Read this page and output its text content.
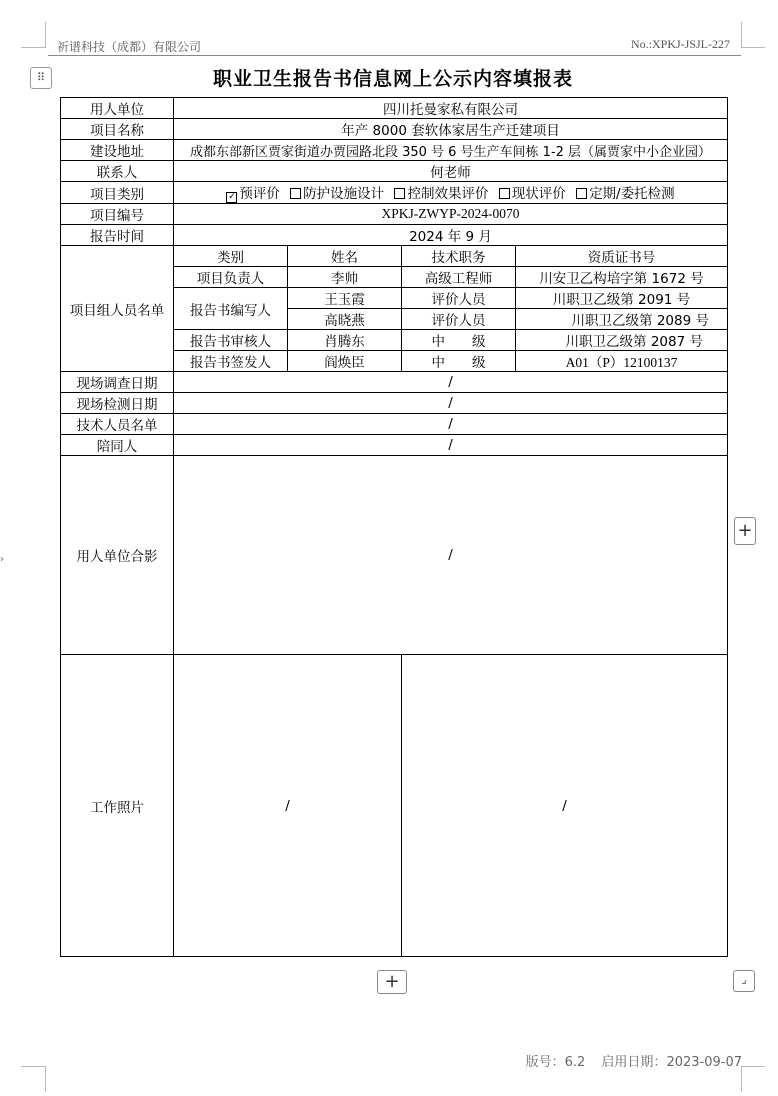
祈谱科技（成都）有限公司	No.:XPKJ-JSJL-227
⠿	职业卫生报告书信息网上公示内容填报表
›
用人单位	四川托曼家私有限公司			
项目名称	年产 8000 套软体家居生产迁建项目			
建设地址	成都东部新区贾家街道办贾园路北段 350 号 6 号生产车间栋 1-2 层（属贾家中小企业园）			
联系人	何老师			
项目类别	✓ 预评价 防护设施设计 控制效果评价 现状评价 定期/委托检测			
项目编号	XPKJ-ZWYP-2024-0070			
报告时间	2024 年 9 月			
项目组人员名单	类别	姓名	技术职务	资质证书号
	项目负责人	李帅	高级工程师	川安卫乙构培字第 1672 号
	报告书编写人	王玉霞	评价人员	川职卫乙级第 2091 号
		高晓燕	评价人员	川职卫乙级第 2089 号
	报告书审核人	肖腾东	中　　级	川职卫乙级第 2087 号
	报告书签发人	阎焕臣	中　　级	A01（P）12100137
现场调查日期	/			
现场检测日期	/			
技术人员名单	/			
陪同人	/			
用人单位合影	/			
工作照片	/		/	
+
+	⌟
版号：6.2 启用日期：2023-09-07
